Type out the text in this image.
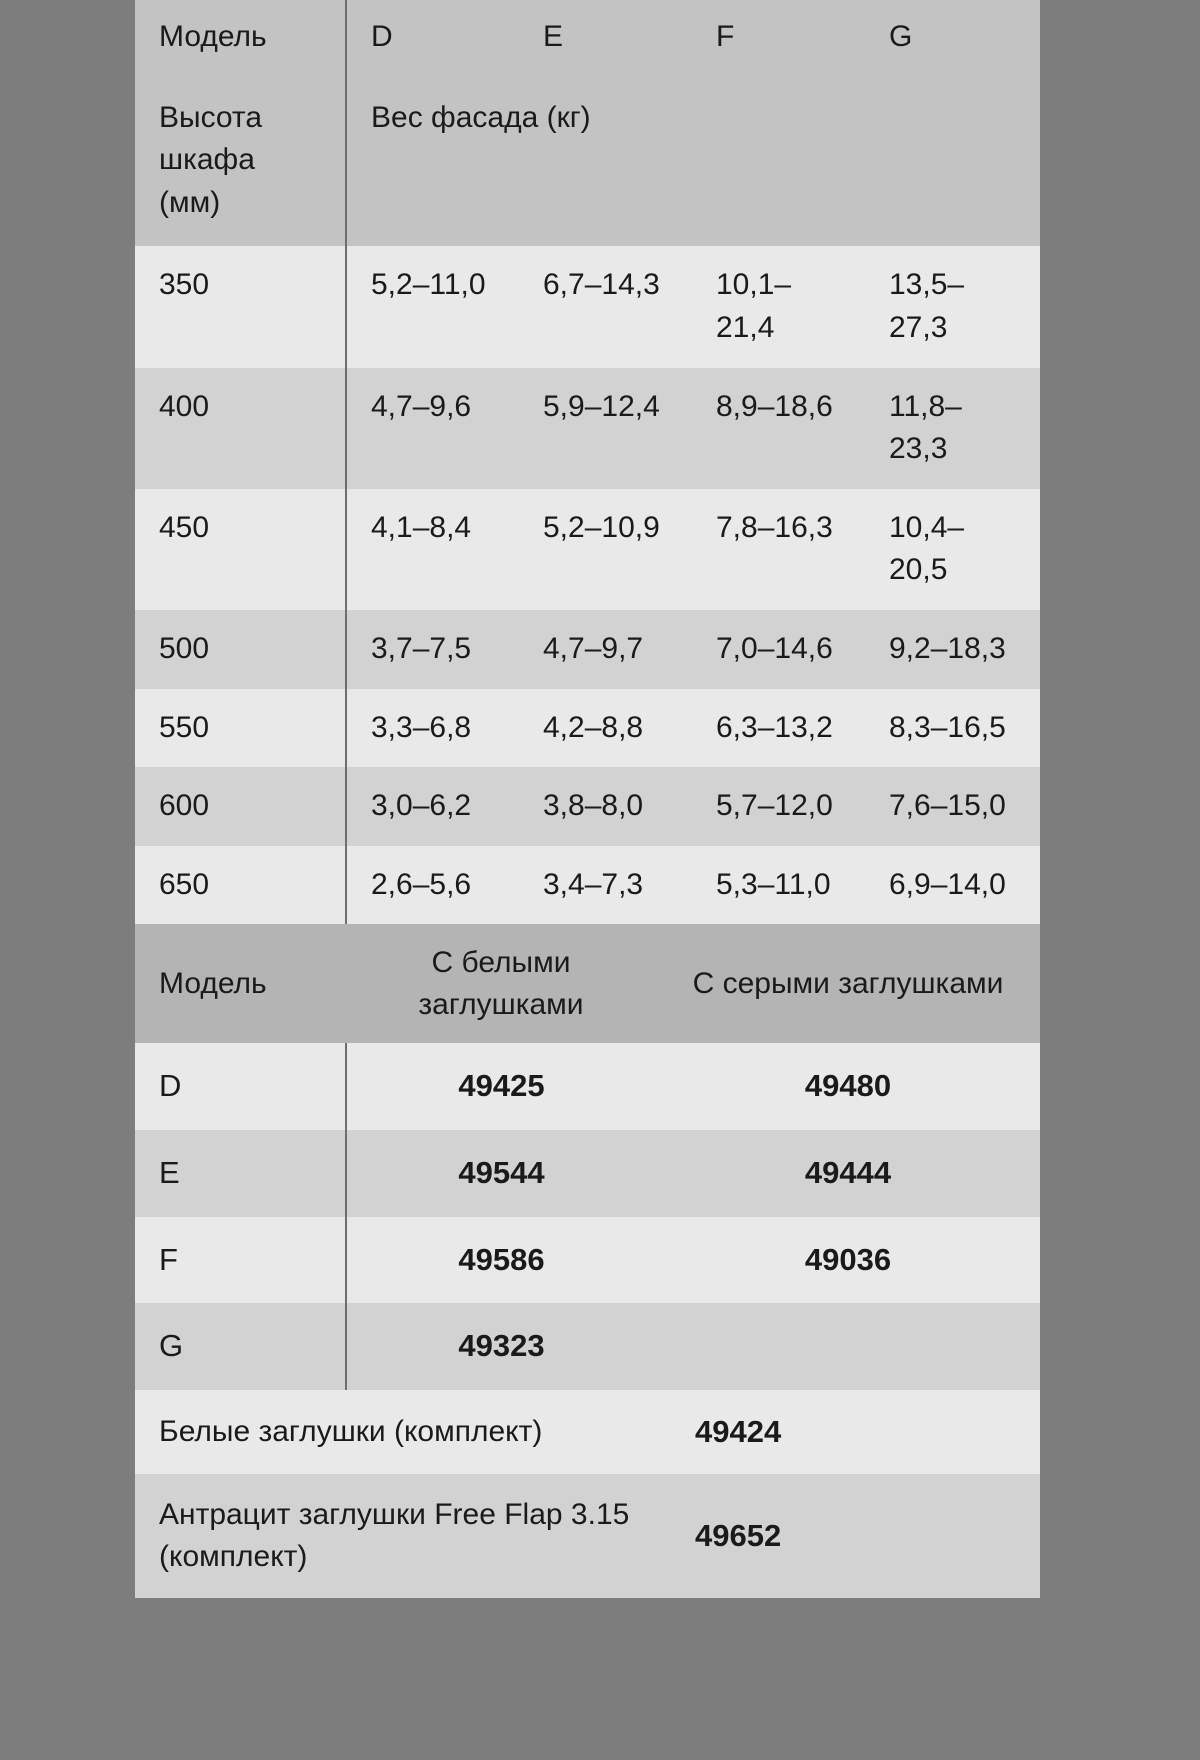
Модель	D	E	F	G
Высота шкафа (мм)	Вес фасада (кг)			
350	5,2–11,0	6,7–14,3	10,1–21,4	13,5–27,3
400	4,7–9,6	5,9–12,4	8,9–18,6	11,8–23,3
450	4,1–8,4	5,2–10,9	7,8–16,3	10,4–20,5
500	3,7–7,5	4,7–9,7	7,0–14,6	9,2–18,3
550	3,3–6,8	4,2–8,8	6,3–13,2	8,3–16,5
600	3,0–6,2	3,8–8,0	5,7–12,0	7,6–15,0
650	2,6–5,6	3,4–7,3	5,3–11,0	6,9–14,0
Модель	С белыми заглушками	С серыми заглушками
D	49425	49480
E	49544	49444
F	49586	49036
G	49323	
Белые заглушки (комплект)	49424
Антрацит заглушки Free Flap 3.15 (комплект)	49652
